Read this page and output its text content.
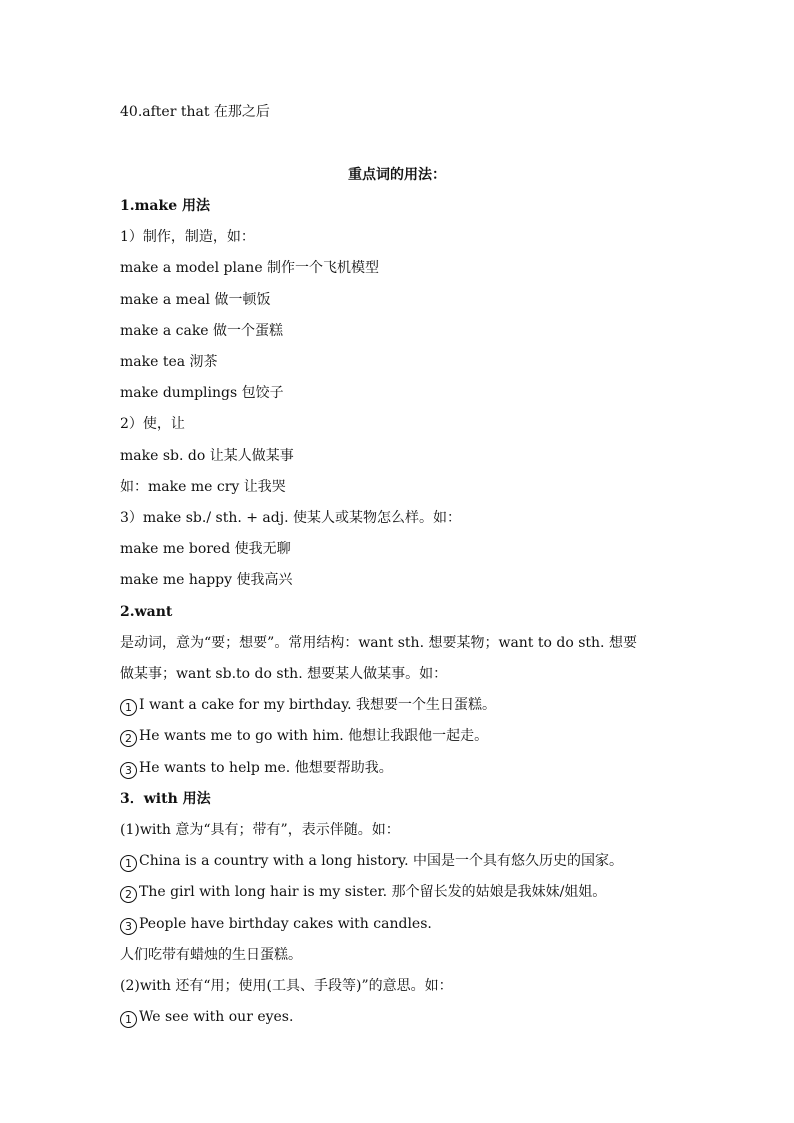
40.after that 在那之后
重点词的用法：
1.make 用法
1）制作，制造，如：
make a model plane 制作一个飞机模型
make a meal 做一顿饭
make a cake 做一个蛋糕
make tea 沏茶
make dumplings 包饺子
2）使，让
make sb. do 让某人做某事
如：make me cry 让我哭
3）make sb./ sth. + adj. 使某人或某物怎么样。如：
make me bored 使我无聊
make me happy 使我高兴
2.want
是动词，意为“要；想要”。常用结构：want sth. 想要某物；want to do sth. 想要
做某事；want sb.to do sth. 想要某人做某事。如：
1 I want a cake for my birthday. 我想要一个生日蛋糕。
2 He wants me to go with him. 他想让我跟他一起走。
3 He wants to help me. 他想要帮助我。
3．with 用法
(1)with 意为“具有；带有”，表示伴随。如：
1 China is a country with a long history. 中国是一个具有悠久历史的国家。
2 The girl with long hair is my sister. 那个留长发的姑娘是我妹妹/姐姐。
3 People have birthday cakes with candles.
人们吃带有蜡烛的生日蛋糕。
(2)with 还有“用；使用(工具、手段等)”的意思。如：
1 We see with our eyes.
